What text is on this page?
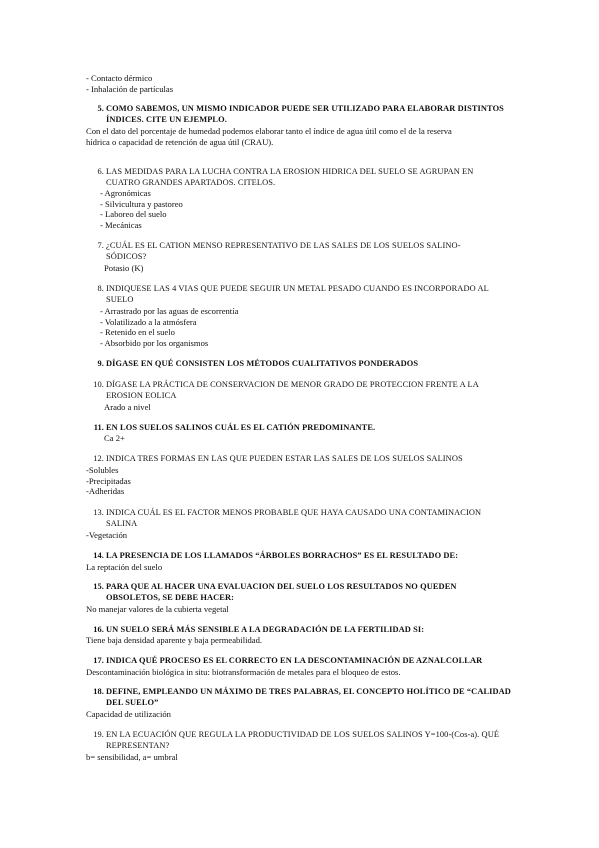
- Contacto dérmico
- Inhalación de partículas
5. COMO SABEMOS, UN MISMO INDICADOR PUEDE SER UTILIZADO PARA ELABORAR DISTINTOS
ÍNDICES. CITE UN EJEMPLO.
Con el dato del porcentaje de humedad podemos elaborar tanto el índice de agua útil como el de la reserva
hídrica o capacidad de retención de agua útil (CRAU).
6. LAS MEDIDAS PARA LA LUCHA CONTRA LA EROSION HIDRICA DEL SUELO SE AGRUPAN EN
CUATRO GRANDES APARTADOS. CITELOS.
- Agronómicas
- Silvicultura y pastoreo
- Laboreo del suelo
- Mecánicas
7. ¿CUÁL ES EL CATION MENSO REPRESENTATIVO DE LAS SALES DE LOS SUELOS SALINO-
SÓDICOS?
Potasio (K)
8. INDIQUESE LAS 4 VIAS QUE PUEDE SEGUIR UN METAL PESADO CUANDO ES INCORPORADO AL
SUELO
- Arrastrado por las aguas de escorrentía
- Volatilizado a la atmósfera
- Retenido en el suelo
- Absorbido por los organismos
9. DÍGASE EN QUÉ CONSISTEN LOS MÉTODOS CUALITATIVOS PONDERADOS
10. DÍGASE LA PRÁCTICA DE CONSERVACION DE MENOR GRADO DE PROTECCION FRENTE A LA
EROSION EOLICA
Arado a nivel
11. EN LOS SUELOS SALINOS CUÁL ES EL CATIÓN PREDOMINANTE.
Ca 2+
12. INDICA TRES FORMAS EN LAS QUE PUEDEN ESTAR LAS SALES DE LOS SUELOS SALINOS
-Solubles
-Precipitadas
-Adheridas
13. INDICA CUÁL ES EL FACTOR MENOS PROBABLE QUE HAYA CAUSADO UNA CONTAMINACION
SALINA
-Vegetación
14. LA PRESENCIA DE LOS LLAMADOS “ÁRBOLES BORRACHOS” ES EL RESULTADO DE:
La reptación del suelo
15. PARA QUE AL HACER UNA EVALUACION DEL SUELO LOS RESULTADOS NO QUEDEN
OBSOLETOS, SE DEBE HACER:
No manejar valores de la cubierta vegetal
16. UN SUELO SERÁ MÁS SENSIBLE A LA DEGRADACIÓN DE LA FERTILIDAD SI:
Tiene baja densidad aparente y baja permeabilidad.
17. INDICA QUÉ PROCESO ES EL CORRECTO EN LA DESCONTAMINACIÓN DE AZNALCOLLAR
Descontaminación biológica in situ: biotransformación de metales para el bloqueo de estos.
18. DEFINE, EMPLEANDO UN MÁXIMO DE TRES PALABRAS, EL CONCEPTO HOLÍTICO DE “CALIDAD
DEL SUELO”
Capacidad de utilización
19. EN LA ECUACIÓN QUE REGULA LA PRODUCTIVIDAD DE LOS SUELOS SALINOS Y=100-(Cos-a). QUÉ
REPRESENTAN?
b= sensibilidad, a= umbral
